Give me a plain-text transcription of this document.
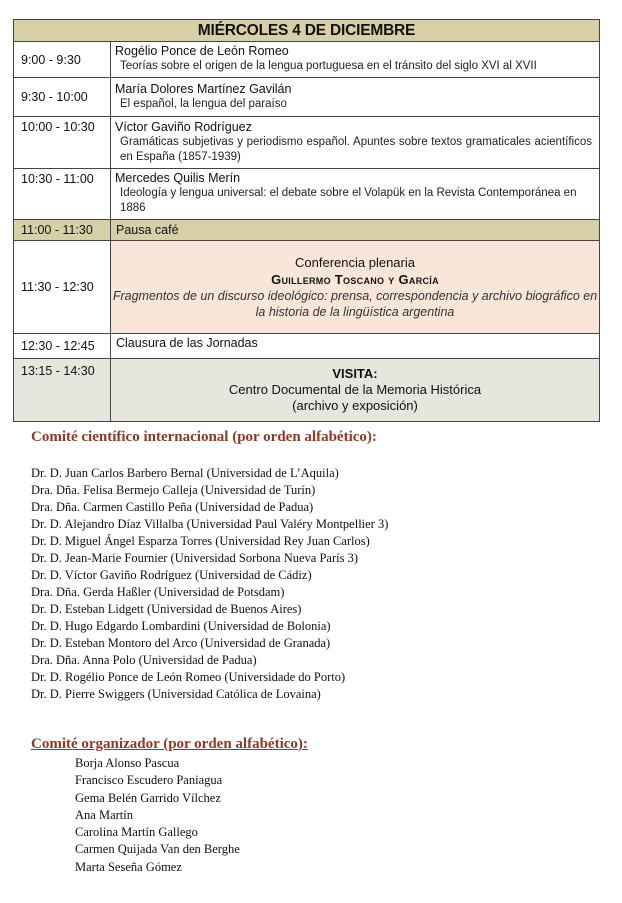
MIÉRCOLES 4 DE DICIEMBRE	
9:00 - 9:30	Rogélio Ponce de León Romeo
Teorías sobre el origen de la lengua portuguesa en el tránsito del siglo XVI al XVII

9:30 - 10:00	María Dolores Martínez Gavilán
El español, la lengua del paraíso

10:00 - 10:30	Víctor Gaviño Rodríguez
Gramáticas subjetivas y periodismo español. Apuntes sobre textos gramaticales acientíficos en España (1857-1939)

10:30 - 11:00	Mercedes Quilis Merín
Ideología y lengua universal: el debate sobre el Volapük en la Revista Contemporánea en 1886

11:00 - 11:30	Pausa café
11:30 - 12:30	Conferencia plenaria
Guillermo Toscano y García
Fragmentos de un discurso ideológico: prensa, correspondencia y archivo biográfico en la historia de la lingüística argentina

12:30 - 12:45	Clausura de las Jornadas
13:15 - 14:30	VISITA:
Centro Documental de la Memoria Histórica
(archivo y exposición)
Comité científico internacional (por orden alfabético):
Dr. D. Juan Carlos Barbero Bernal (Universidad de L’Aquila)
Dra. Dña. Felisa Bermejo Calleja (Universidad de Turín)
Dra. Dña. Carmen Castillo Peña (Universidad de Padua)
Dr. D. Alejandro Díaz Villalba (Universidad Paul Valéry Montpellier 3)
Dr. D. Miguel Ángel Esparza Torres (Universidad Rey Juan Carlos)
Dr. D. Jean-Marie Fournier (Universidad Sorbona Nueva París 3)
Dr. D. Víctor Gaviño Rodríguez (Universidad de Cádiz)
Dra. Dña. Gerda Haßler (Universidad de Potsdam)
Dr. D. Esteban Lidgett (Universidad de Buenos Aires)
Dr. D. Hugo Edgardo Lombardini (Universidad de Bolonia)
Dr. D. Esteban Montoro del Arco (Universidad de Granada)
Dra. Dña. Anna Polo (Universidad de Padua)
Dr. D. Rogélio Ponce de León Romeo (Universidade do Porto)
Dr. D. Pierre Swiggers (Universidad Católica de Lovaina)
Comité organizador (por orden alfabético):
Borja Alonso Pascua
Francisco Escudero Paniagua
Gema Belén Garrido Vílchez
Ana Martín
Carolina Martín Gallego
Carmen Quijada Van den Berghe
Marta Seseña Gómez
